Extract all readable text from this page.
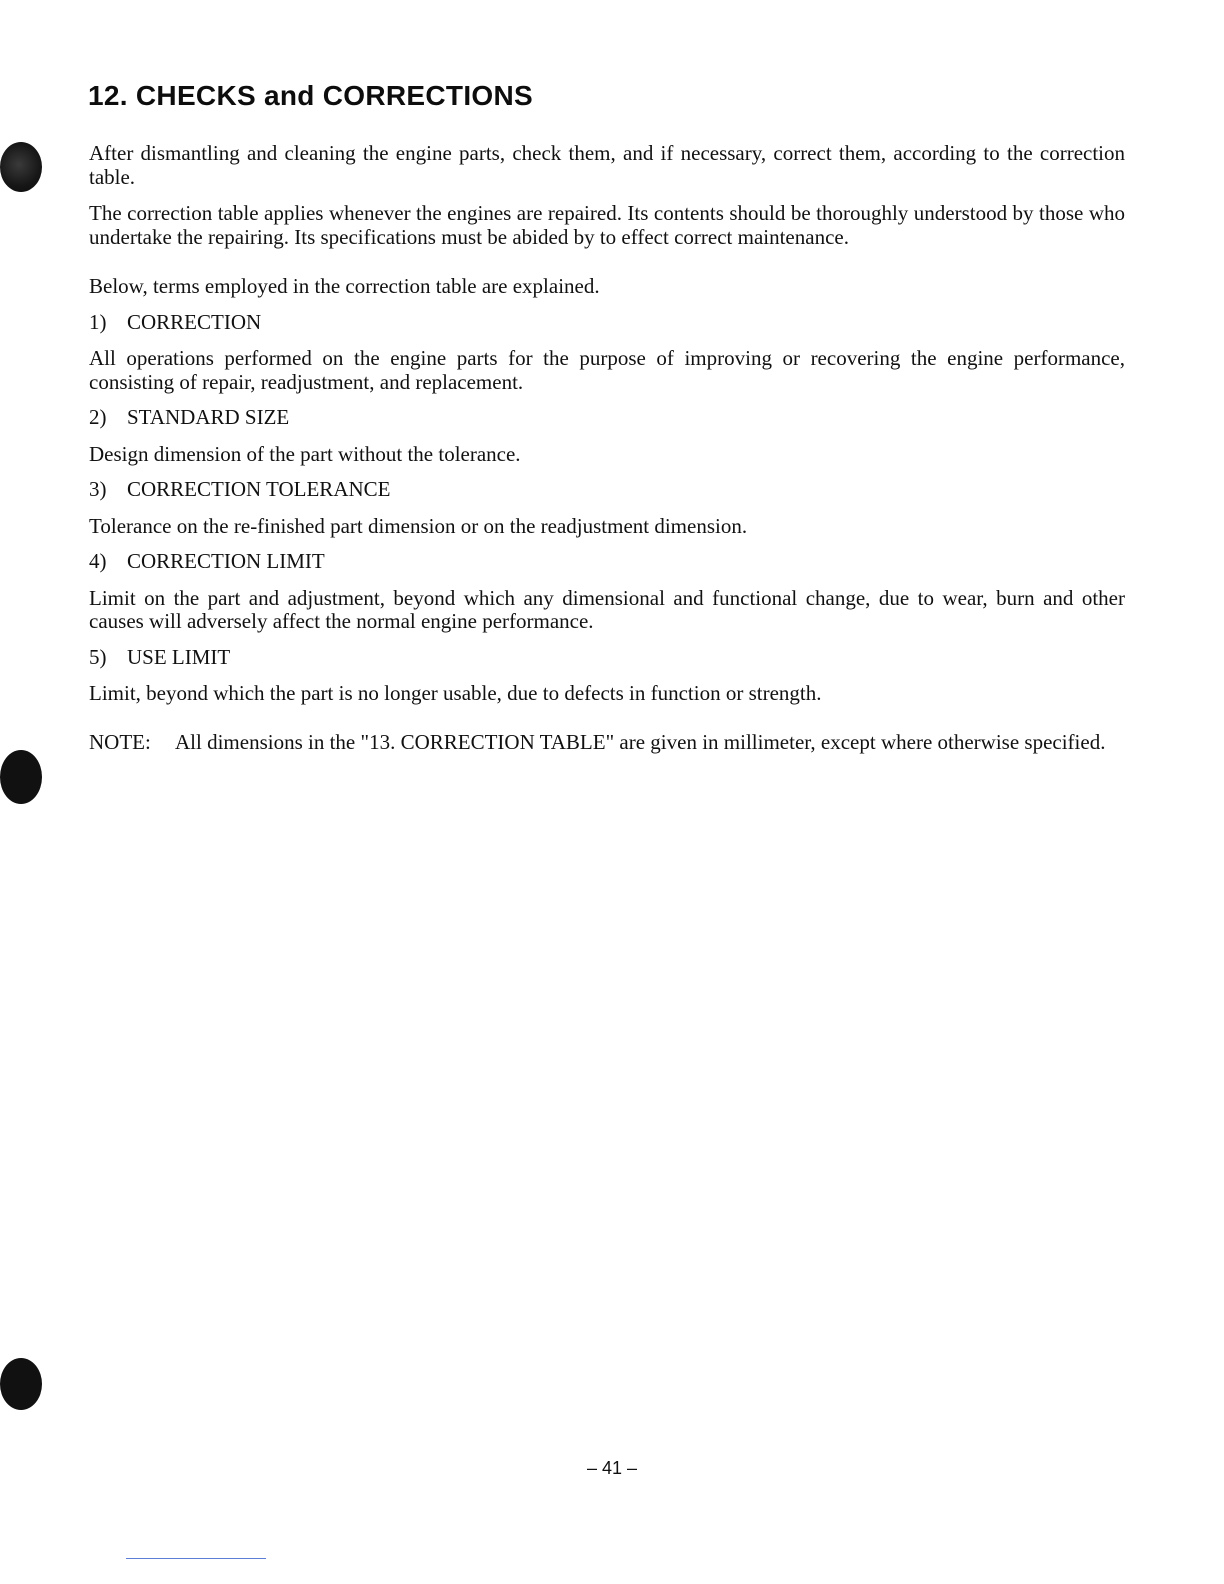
12. CHECKS and CORRECTIONS

After dismantling and cleaning the engine parts, check them, and if necessary, correct them, according to the correction table.

The correction table applies whenever the engines are repaired. Its contents should be thoroughly understood by those who undertake the repairing. Its specifications must be abided by to effect correct maintenance.

Below, terms employed in the correction table are explained.

1) CORRECTION

All operations performed on the engine parts for the purpose of improving or recovering the engine performance, consisting of repair, readjustment, and replacement.

2) STANDARD SIZE

Design dimension of the part without the tolerance.

3) CORRECTION TOLERANCE

Tolerance on the re-finished part dimension or on the readjustment dimension.

4) CORRECTION LIMIT

Limit on the part and adjustment, beyond which any dimensional and functional change, due to wear, burn and other causes will adversely affect the normal engine performance.

5) USE LIMIT

Limit, beyond which the part is no longer usable, due to defects in function or strength.

NOTE:	All dimensions in the "13. CORRECTION TABLE" are given in millimeter, except where otherwise specified.
– 41 –
